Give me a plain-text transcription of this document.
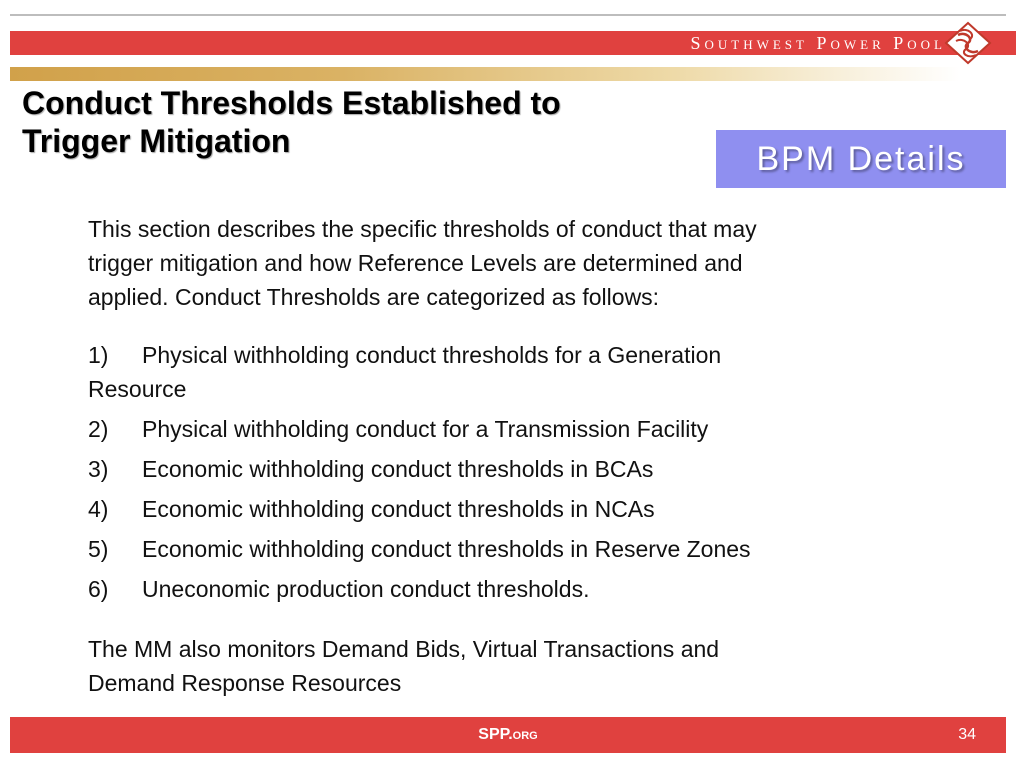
Southwest Power Pool
Conduct Thresholds Established to
Trigger Mitigation	BPM Details

This section describes the specific thresholds of conduct that may
trigger mitigation and how Reference Levels are determined and
applied. Conduct Thresholds are categorized as follows:

1) Physical withholding conduct thresholds for a Generation
Resource
2) Physical withholding conduct for a Transmission Facility
3) Economic withholding conduct thresholds in BCAs
4) Economic withholding conduct thresholds in NCAs
5) Economic withholding conduct thresholds in Reserve Zones
6) Uneconomic production conduct thresholds.

The MM also monitors Demand Bids, Virtual Transactions and
Demand Response Resources

SPP.org	34
